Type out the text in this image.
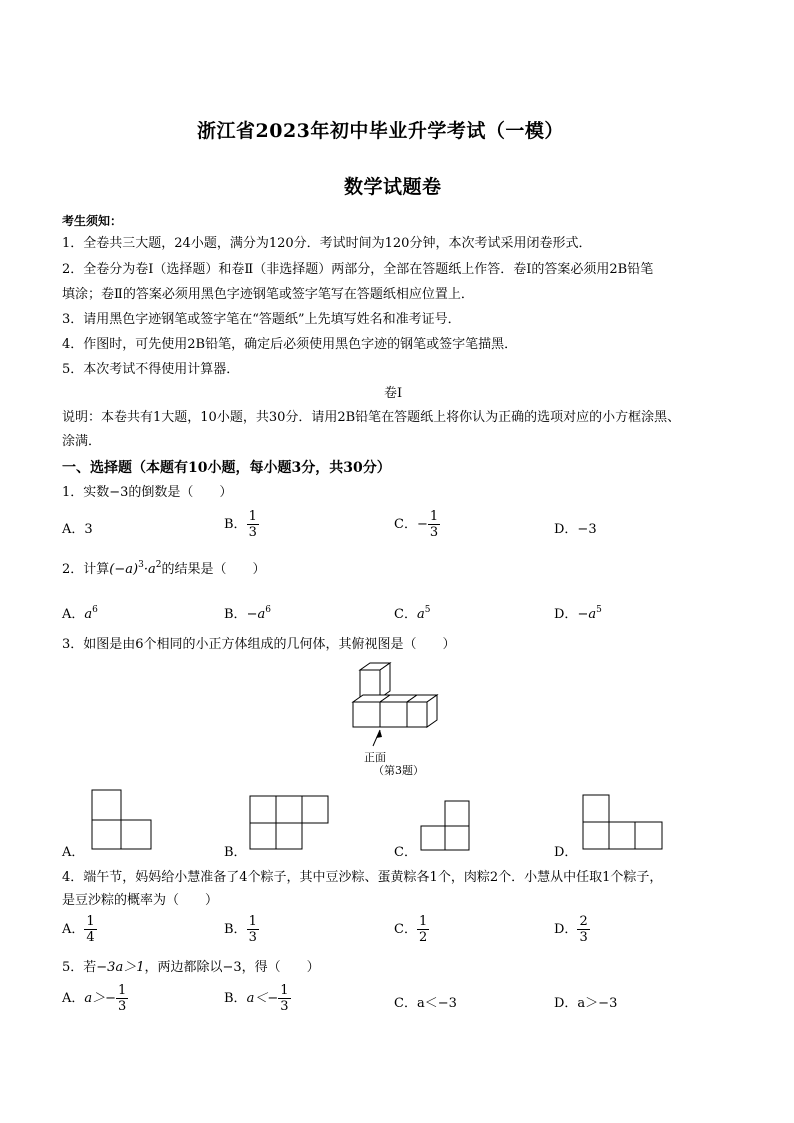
浙江省2023年初中毕业升学考试（一模）
数学试题卷
考生须知：
1．全卷共三大题，24小题，满分为120分．考试时间为120分钟，本次考试采用闭卷形式．
2．全卷分为卷Ⅰ（选择题）和卷Ⅱ（非选择题）两部分，全部在答题纸上作答．卷Ⅰ的答案必须用2B铅笔
填涂；卷Ⅱ的答案必须用黑色字迹钢笔或签字笔写在答题纸相应位置上．
3．请用黑色字迹钢笔或签字笔在“答题纸”上先填写姓名和准考证号．
4．作图时，可先使用2B铅笔，确定后必须使用黑色字迹的钢笔或签字笔描黑．
5．本次考试不得使用计算器．
卷Ⅰ
说明：本卷共有1大题，10小题，共30分．请用2B铅笔在答题纸上将你认为正确的选项对应的小方框涂黑、
涂满．
一、选择题（本题有10小题，每小题3分，共30分）
1．实数−3的倒数是（　　）
A．3	B． $\frac{1}{3}$	C．− $\frac{1}{3}$	D．−3
2．计算$(-a)^3\cdot a^2$的结果是（　　）
A．$a^6$	B．$-a^6$	C．$a^5$	D．$-a^5$
3．如图是由6个相同的小正方体组成的几何体，其俯视图是（　　）
正面
（第3题）
A．	B．	C．	D．
4．端午节，妈妈给小慧准备了4个粽子，其中豆沙粽、蛋黄粽各1个，肉粽2个．小慧从中任取1个粽子，
是豆沙粽的概率为（　　）
A． $\frac{1}{4}$	B． $\frac{1}{3}$	C． $\frac{1}{2}$	D． $\frac{2}{3}$
5．若−3a＞1，两边都除以−3，得（　　）
A．$a>- \frac{1}{3}$	B．$a<- \frac{1}{3}$	C．a＜−3	D．a＞−3
